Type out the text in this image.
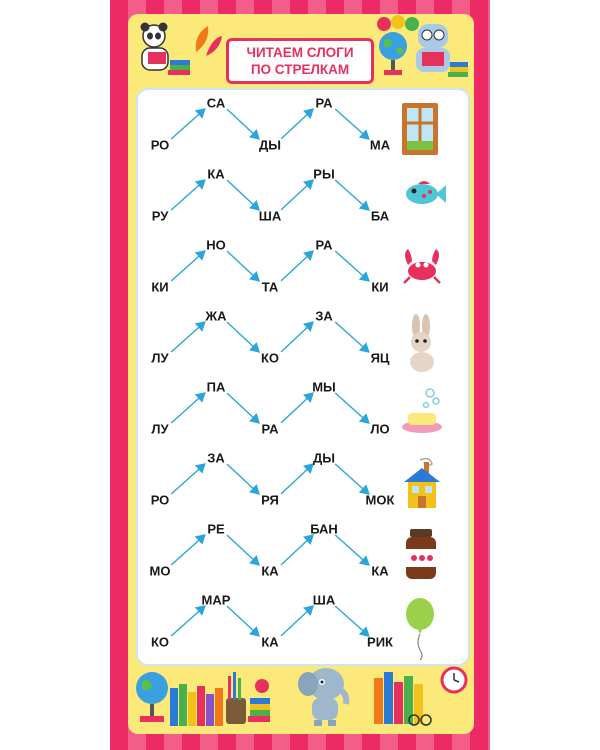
ЧИТАЕМ СЛОГИ
ПО СТРЕЛКАМ
РО
СА
ДЫ
РА
МА
РУ
КА
ША
РЫ
БА
КИ
НО
ТА
РА
КИ
ЛУ
ЖА
КО
ЗА
ЯЦ
ЛУ
ПА
РА
МЫ
ЛО
РО
ЗА
РЯ
ДЫ
МОК
МО
РЕ
КА
БАН
КА
КО
МАР
КА
ША
РИК
